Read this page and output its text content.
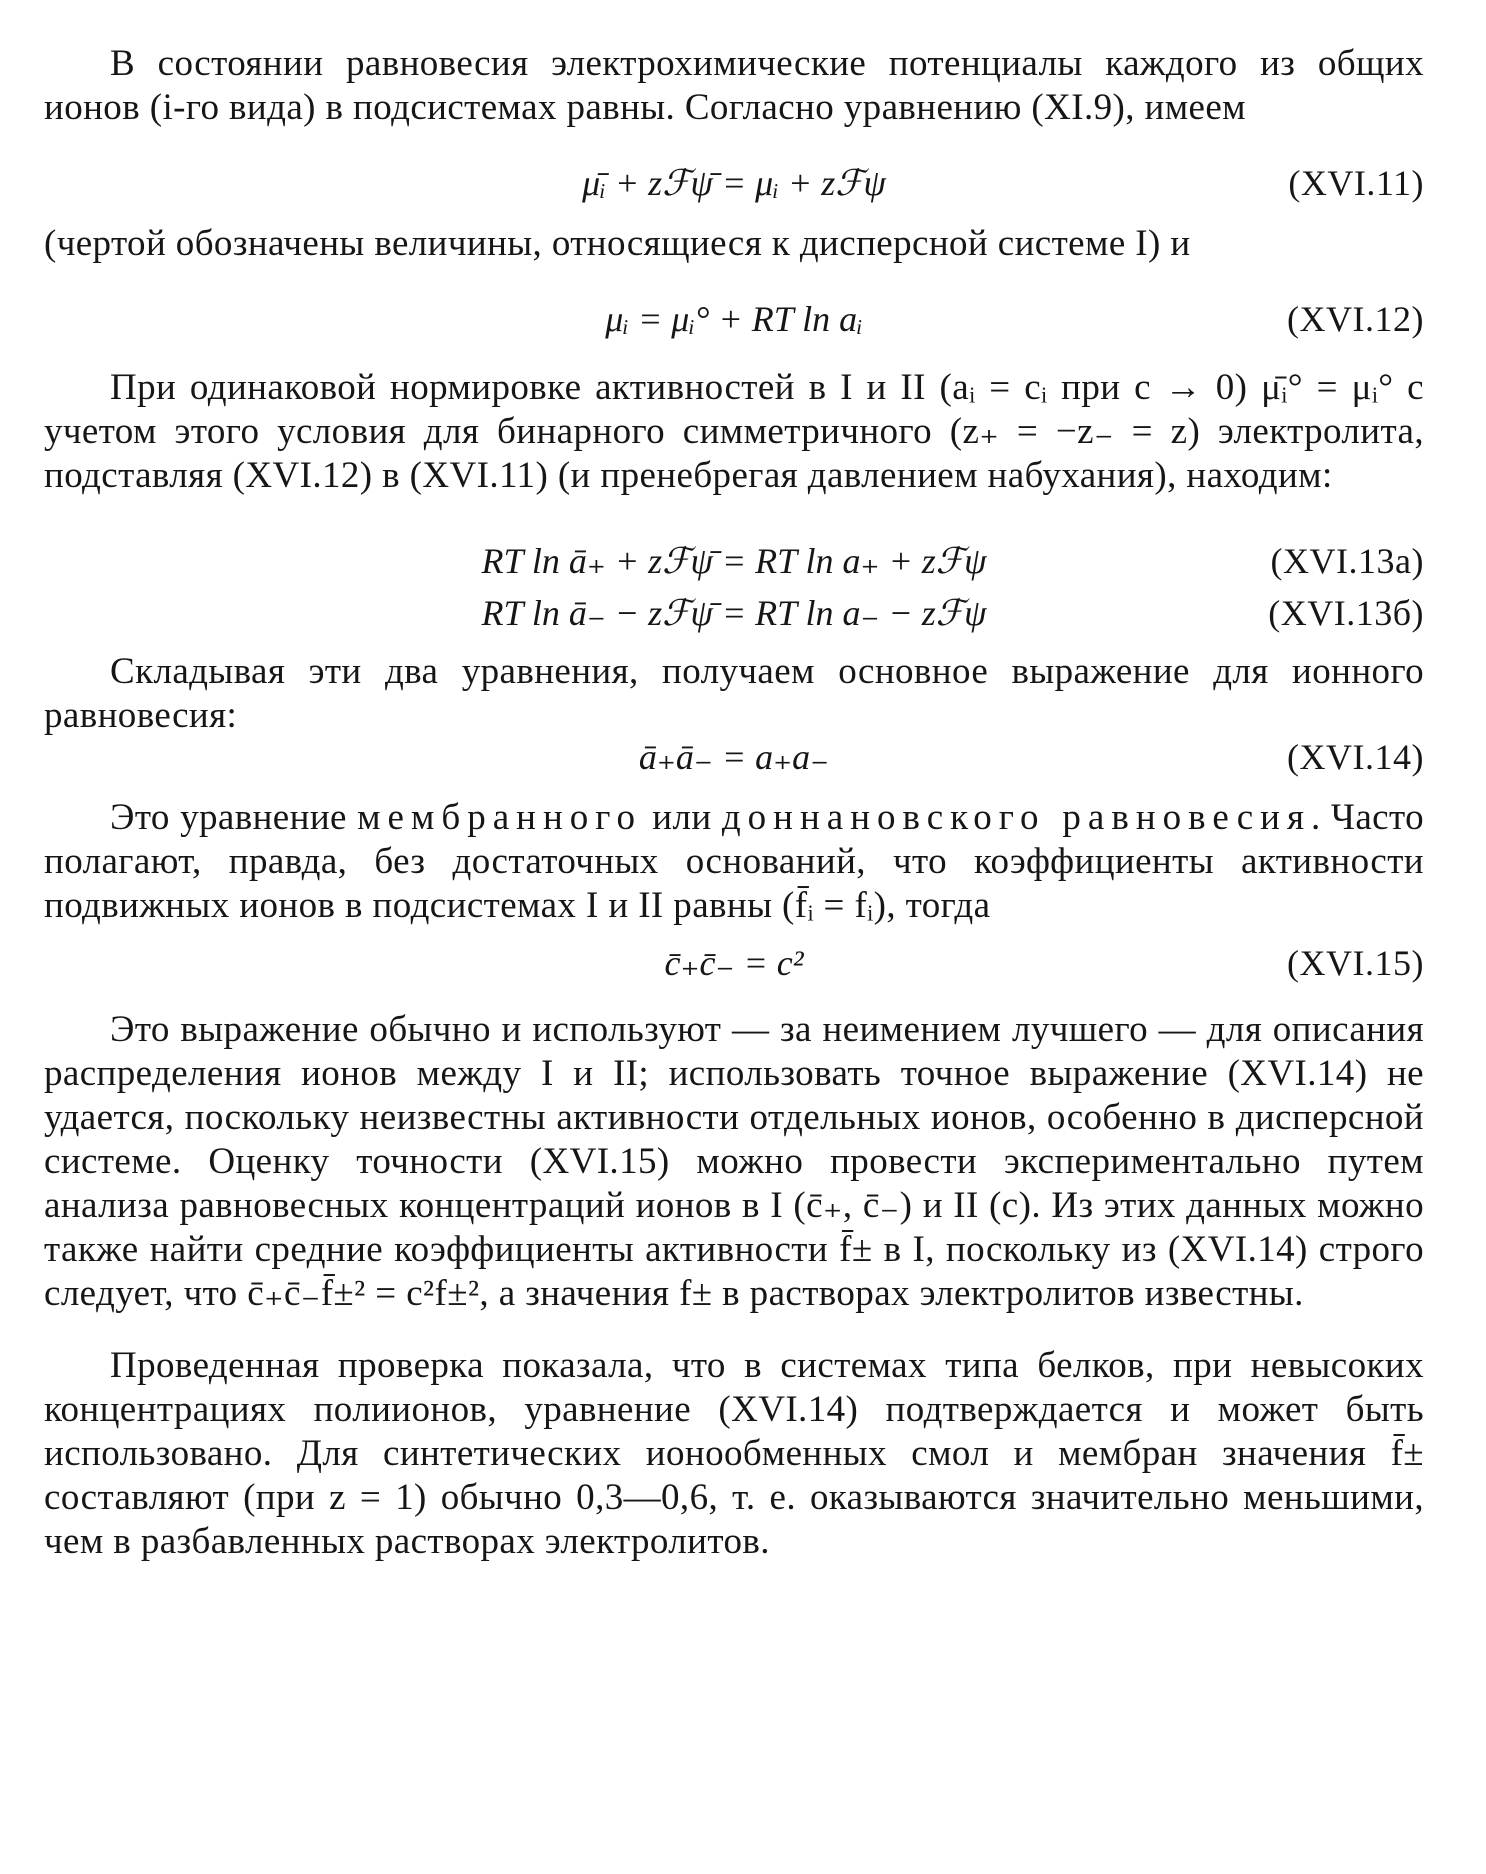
В состоянии равновесия электрохимические потенциалы каждого из общих ионов (i-го вида) в подсистемах равны. Согласно уравнению (XI.9), имеем

μ̄ᵢ + zℱψ̄ = μᵢ + zℱψ	(XVI.11)

(чертой обозначены величины, относящиеся к дисперсной системе I) и

μᵢ = μᵢ° + RT ln aᵢ	(XVI.12)

При одинаковой нормировке активностей в I и II (aᵢ = cᵢ при c → 0) μ̄ᵢ° = μᵢ° с учетом этого условия для бинарного симметричного (z₊ = −z₋ = z) электролита, подставляя (XVI.12) в (XVI.11) (и пренебрегая давлением набухания), находим:

RT ln ā₊ + zℱψ̄ = RT ln a₊ + zℱψ	(XVI.13а)
RT ln ā₋ − zℱψ̄ = RT ln a₋ − zℱψ	(XVI.13б)

Складывая эти два уравнения, получаем основное выражение для ионного равновесия:

ā₊ā₋ = a₊a₋	(XVI.14)

Это уравнение мембранного или доннановского равновесия. Часто полагают, правда, без достаточных оснований, что коэффициенты активности подвижных ионов в подсистемах I и II равны (f̄ᵢ = fᵢ), тогда

c̄₊c̄₋ = c²	(XVI.15)

Это выражение обычно и используют — за неимением лучшего — для описания распределения ионов между I и II; использовать точное выражение (XVI.14) не удается, поскольку неизвестны активности отдельных ионов, особенно в дисперсной системе. Оценку точности (XVI.15) можно провести экспериментально путем анализа равновесных концентраций ионов в I (c̄₊, c̄₋) и II (c). Из этих данных можно также найти средние коэффициенты активности f̄± в I, поскольку из (XVI.14) строго следует, что c̄₊c̄₋f̄±² = c²f±², а значения f± в растворах электролитов известны.

Проведенная проверка показала, что в системах типа белков, при невысоких концентрациях полиионов, уравнение (XVI.14) подтверждается и может быть использовано. Для синтетических ионообменных смол и мембран значения f̄± составляют (при z = 1) обычно 0,3—0,6, т. е. оказываются значительно меньшими, чем в разбавленных растворах электролитов.
